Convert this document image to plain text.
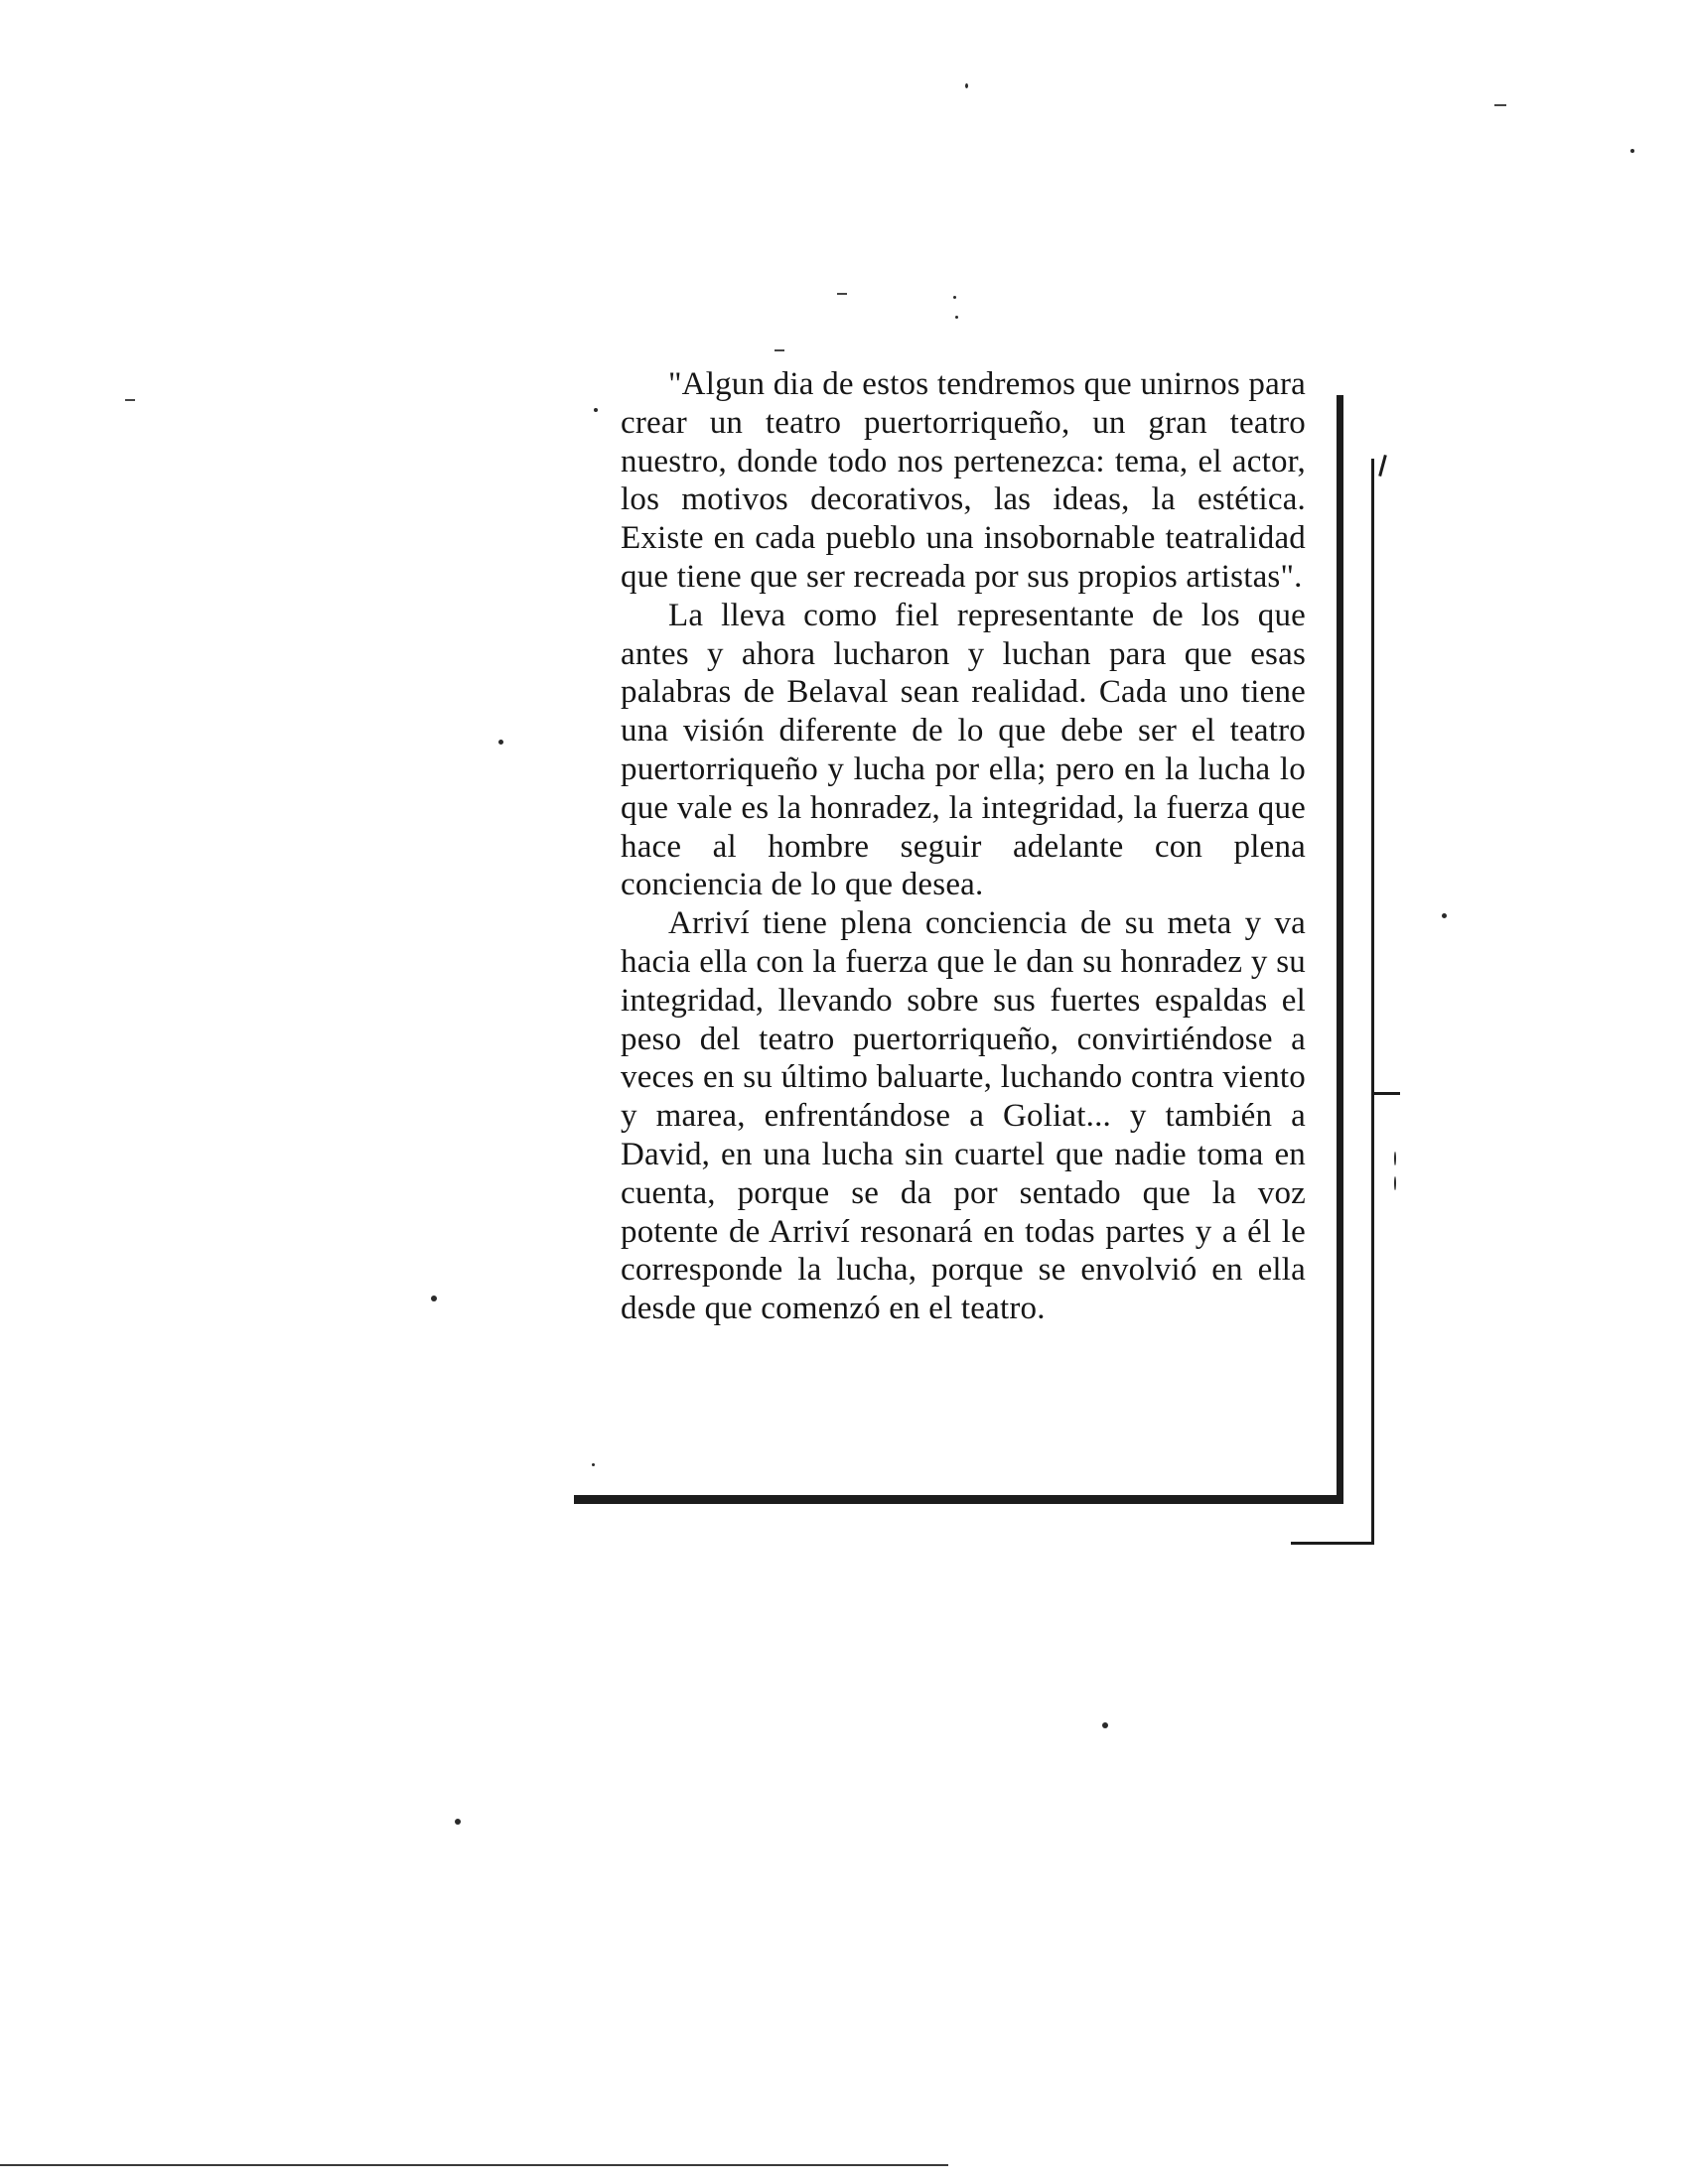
"Algun dia de estos tendremos que unirnos para crear un teatro puertorriqueño, un gran teatro nuestro, donde todo nos pertenezca: tema, el actor, los motivos decorativos, las ideas, la estética. Existe en cada pueblo una insobornable teatralidad que tiene que ser recreada por sus propios artistas".

La lleva como fiel representante de los que antes y ahora lucharon y luchan para que esas palabras de Belaval sean realidad. Cada uno tiene una visión diferente de lo que debe ser el teatro puertorriqueño y lucha por ella; pero en la lucha lo que vale es la honradez, la integridad, la fuerza que hace al hombre seguir adelante con plena conciencia de lo que desea.

Arriví tiene plena conciencia de su meta y va hacia ella con la fuerza que le dan su honradez y su integridad, llevando sobre sus fuertes espaldas el peso del teatro puertorriqueño, convirtiéndose a veces en su último baluarte, luchando contra viento y marea, enfrentándose a Goliat... y también a David, en una lucha sin cuartel que nadie toma en cuenta, porque se da por sentado que la voz potente de Arriví resonará en todas partes y a él le corresponde la lucha, porque se envolvió en ella desde que comenzó en el teatro.
